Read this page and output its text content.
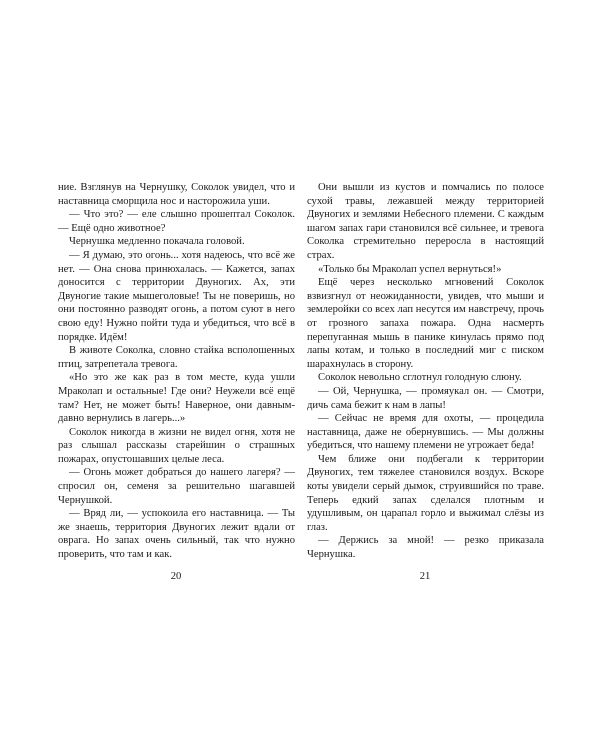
ние. Взглянув на Чернушку, Соколок увидел, что и наставница сморщила нос и насторожила уши.

— Что это? — еле слышно прошептал Соколок. — Ещё одно животное?

Чернушка медленно покачала головой.

— Я думаю, это огонь... хотя надеюсь, что всё же нет. — Она снова принюхалась. — Кажется, запах доносится с территории Двуногих. Ах, эти Двуногие такие мышеголовые! Ты не поверишь, но они постоянно разводят огонь, а потом суют в него свою еду! Нужно пойти туда и убедиться, что всё в порядке. Идём!

В животе Соколка, словно стайка всполошенных птиц, затрепетала тревога.

«Но это же как раз в том месте, куда ушли Мраколап и остальные! Где они? Неужели всё ещё там? Нет, не может быть! Наверное, они давным-давно вернулись в лагерь...»

Соколок никогда в жизни не видел огня, хотя не раз слышал рассказы старейшин о страшных пожарах, опустошавших целые леса.

— Огонь может добраться до нашего лагеря? — спросил он, семеня за решительно шагавшей Чернушкой.

— Вряд ли, — успокоила его наставница. — Ты же знаешь, территория Двуногих лежит вдали от оврага. Но запах очень сильный, так что нужно проверить, что там и как.

20

Они вышли из кустов и помчались по полосе сухой травы, лежавшей между территорией Двуногих и землями Небесного племени. С каждым шагом запах гари становился всё сильнее, и тревога Соколка стремительно переросла в настоящий страх.

«Только бы Мраколап успел вернуться!»

Ещё через несколько мгновений Соколок взвизгнул от неожиданности, увидев, что мыши и землеройки со всех лап несутся им навстречу, прочь от грозного запаха пожара. Одна насмерть перепуганная мышь в панике кинулась прямо под лапы котам, и только в последний миг с писком шарахнулась в сторону.

Соколок невольно сглотнул голодную слюну.

— Ой, Чернушка, — промяукал он. — Смотри, дичь сама бежит к нам в лапы!

— Сейчас не время для охоты, — процедила наставница, даже не обернувшись. — Мы должны убедиться, что нашему племени не угрожает беда!

Чем ближе они подбегали к территории Двуногих, тем тяжелее становился воздух. Вскоре коты увидели серый дымок, струившийся по траве. Теперь едкий запах сделался плотным и удушливым, он царапал горло и выжимал слёзы из глаз.

— Держись за мной! — резко приказала Чернушка.

21
